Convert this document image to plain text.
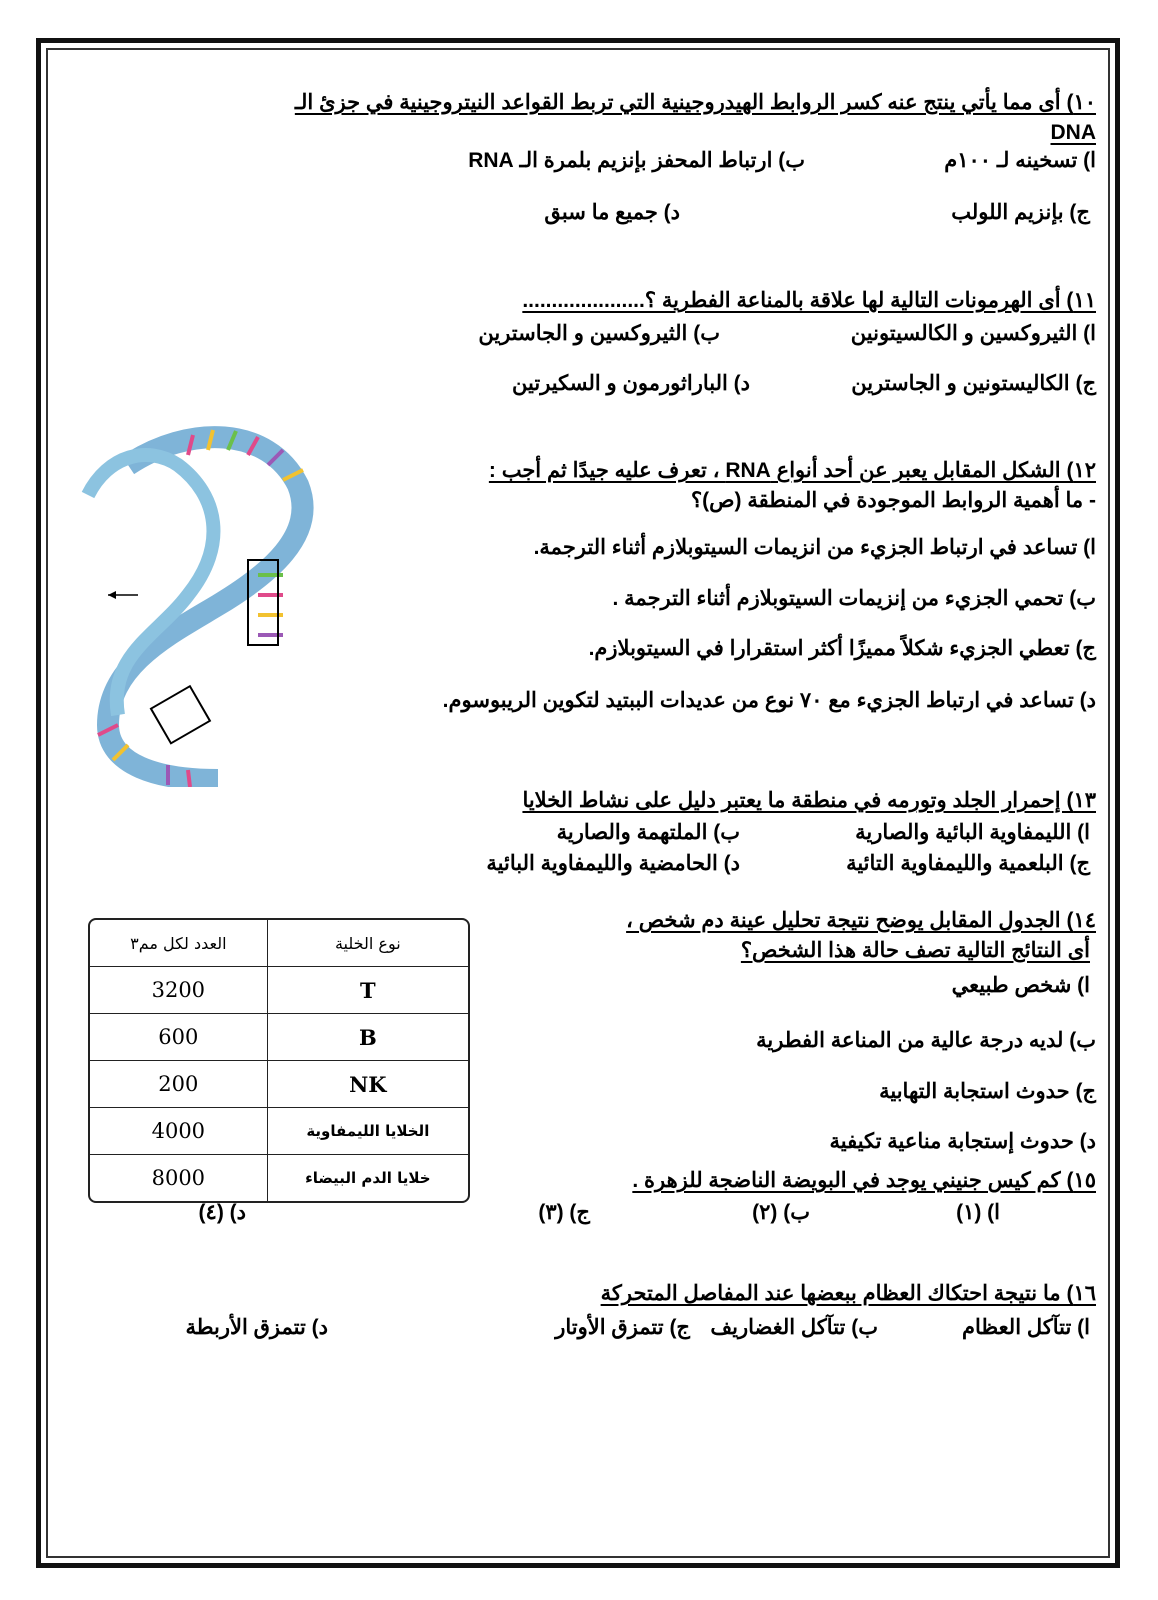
١٠) أى مما يأتي ينتج عنه كسر الروابط الهيدروجينية التي تربط القواعد النيتروجينية في جزئ الـ
DNA
ا) تسخينه لـ ١٠٠م
ب) ارتباط المحفز بإنزيم بلمرة الـ RNA
ج) بإنزيم اللولب
د) جميع ما سبق
١١) أى الهرمونات التالية لها علاقة بالمناعة الفطرية ؟.....................
ا) الثيروكسين و الكالسيتونين
ب) الثيروكسين و الجاسترين
ج) الكاليستونين و الجاسترين
د) الباراثورمون و السكيرتين
١٢) الشكل المقابل يعبر عن أحد أنواع RNA ، تعرف عليه جيدًا ثم أجب :
- ما أهمية الروابط الموجودة في المنطقة (ص)؟
ا) تساعد في ارتباط الجزيء من انزيمات السيتوبلازم أثناء الترجمة.
ب) تحمي الجزيء من إنزيمات السيتوبلازم أثناء الترجمة .
ج) تعطي الجزيء شكلاً مميزًا أكثر استقرارا في السيتوبلازم.
د) تساعد في ارتباط الجزيء مع ٧٠ نوع من عديدات الببتيد لتكوين الريبوسوم.
١٣) إحمرار الجلد وتورمه في منطقة ما يعتبر دليل على نشاط الخلايا
ا) الليمفاوية البائية والصارية
ب) الملتهمة والصارية
ج) البلعمية والليمفاوية التائية
د) الحامضية والليمفاوية البائية
العدد لكل مم٣	نوع الخلية
3200	T
600	B
200	NK
4000	الخلايا الليمفاوية
8000	خلايا الدم البيضاء
١٤) الجدول المقابل يوضح نتيجة تحليل عينة دم شخص ،
أى النتائج التالية تصف حالة هذا الشخص؟
ا) شخص طبيعي
ب) لديه درجة عالية من المناعة الفطرية
ج) حدوث استجابة التهابية
د) حدوث إستجابة مناعية تكيفية
١٥) كم كيس جنيني يوجد في البويضة الناضجة للزهرة .
ا) (١)
ب) (٢)
ج) (٣)
د) (٤)
١٦) ما نتيجة احتكاك العظام ببعضها عند المفاصل المتحركة
ا) تتآكل العظام
ب) تتآكل الغضاريف
ج) تتمزق الأوتار
د) تتمزق الأربطة
